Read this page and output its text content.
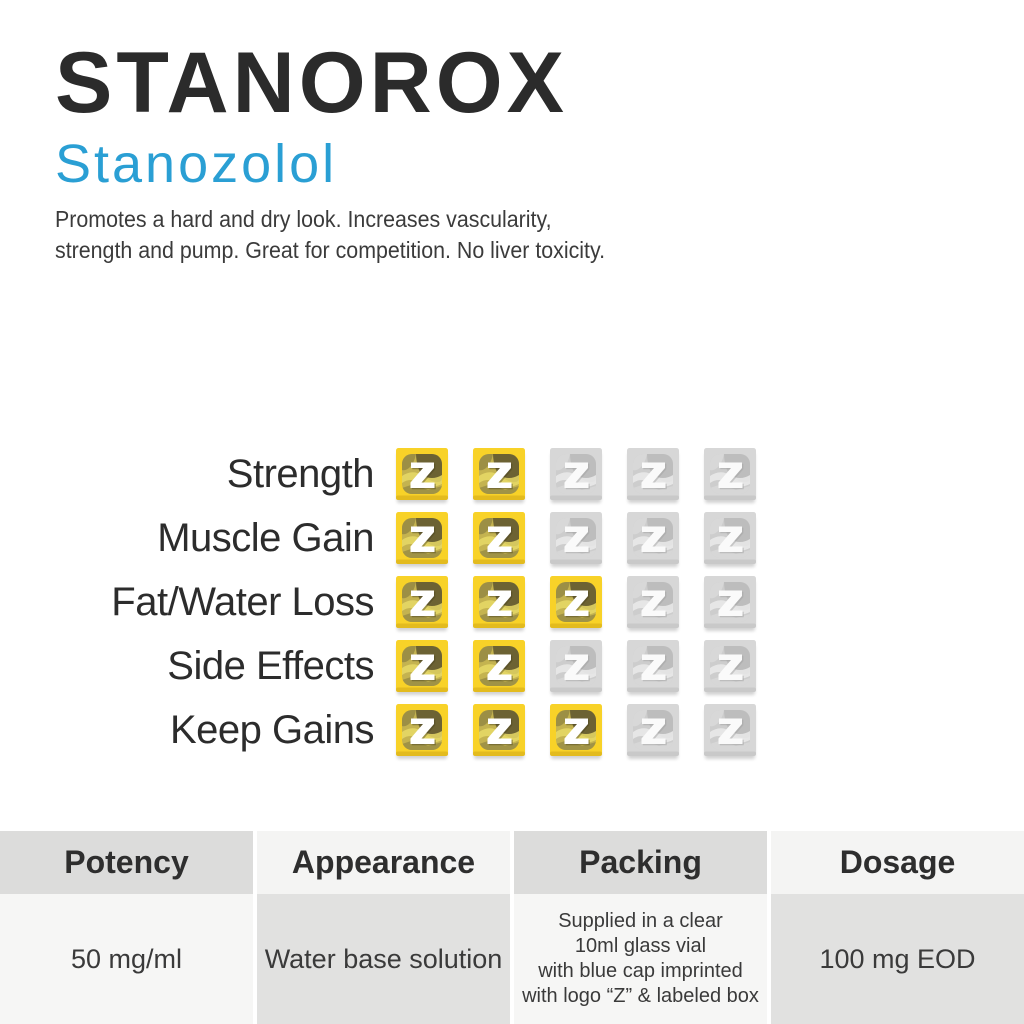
STANOROX
Stanozolol

Promotes a hard and dry look. Increases vascularity,
strength and pump. Great for competition. No liver toxicity.

Strength
Muscle Gain
Fat/Water Loss
Side Effects
Keep Gains
Potency
50 mg/ml
Appearance
Water base solution
Packing
Supplied in a clear
10ml glass vial
with blue cap imprinted
with logo “Z” & labeled box
Dosage
100 mg EOD
